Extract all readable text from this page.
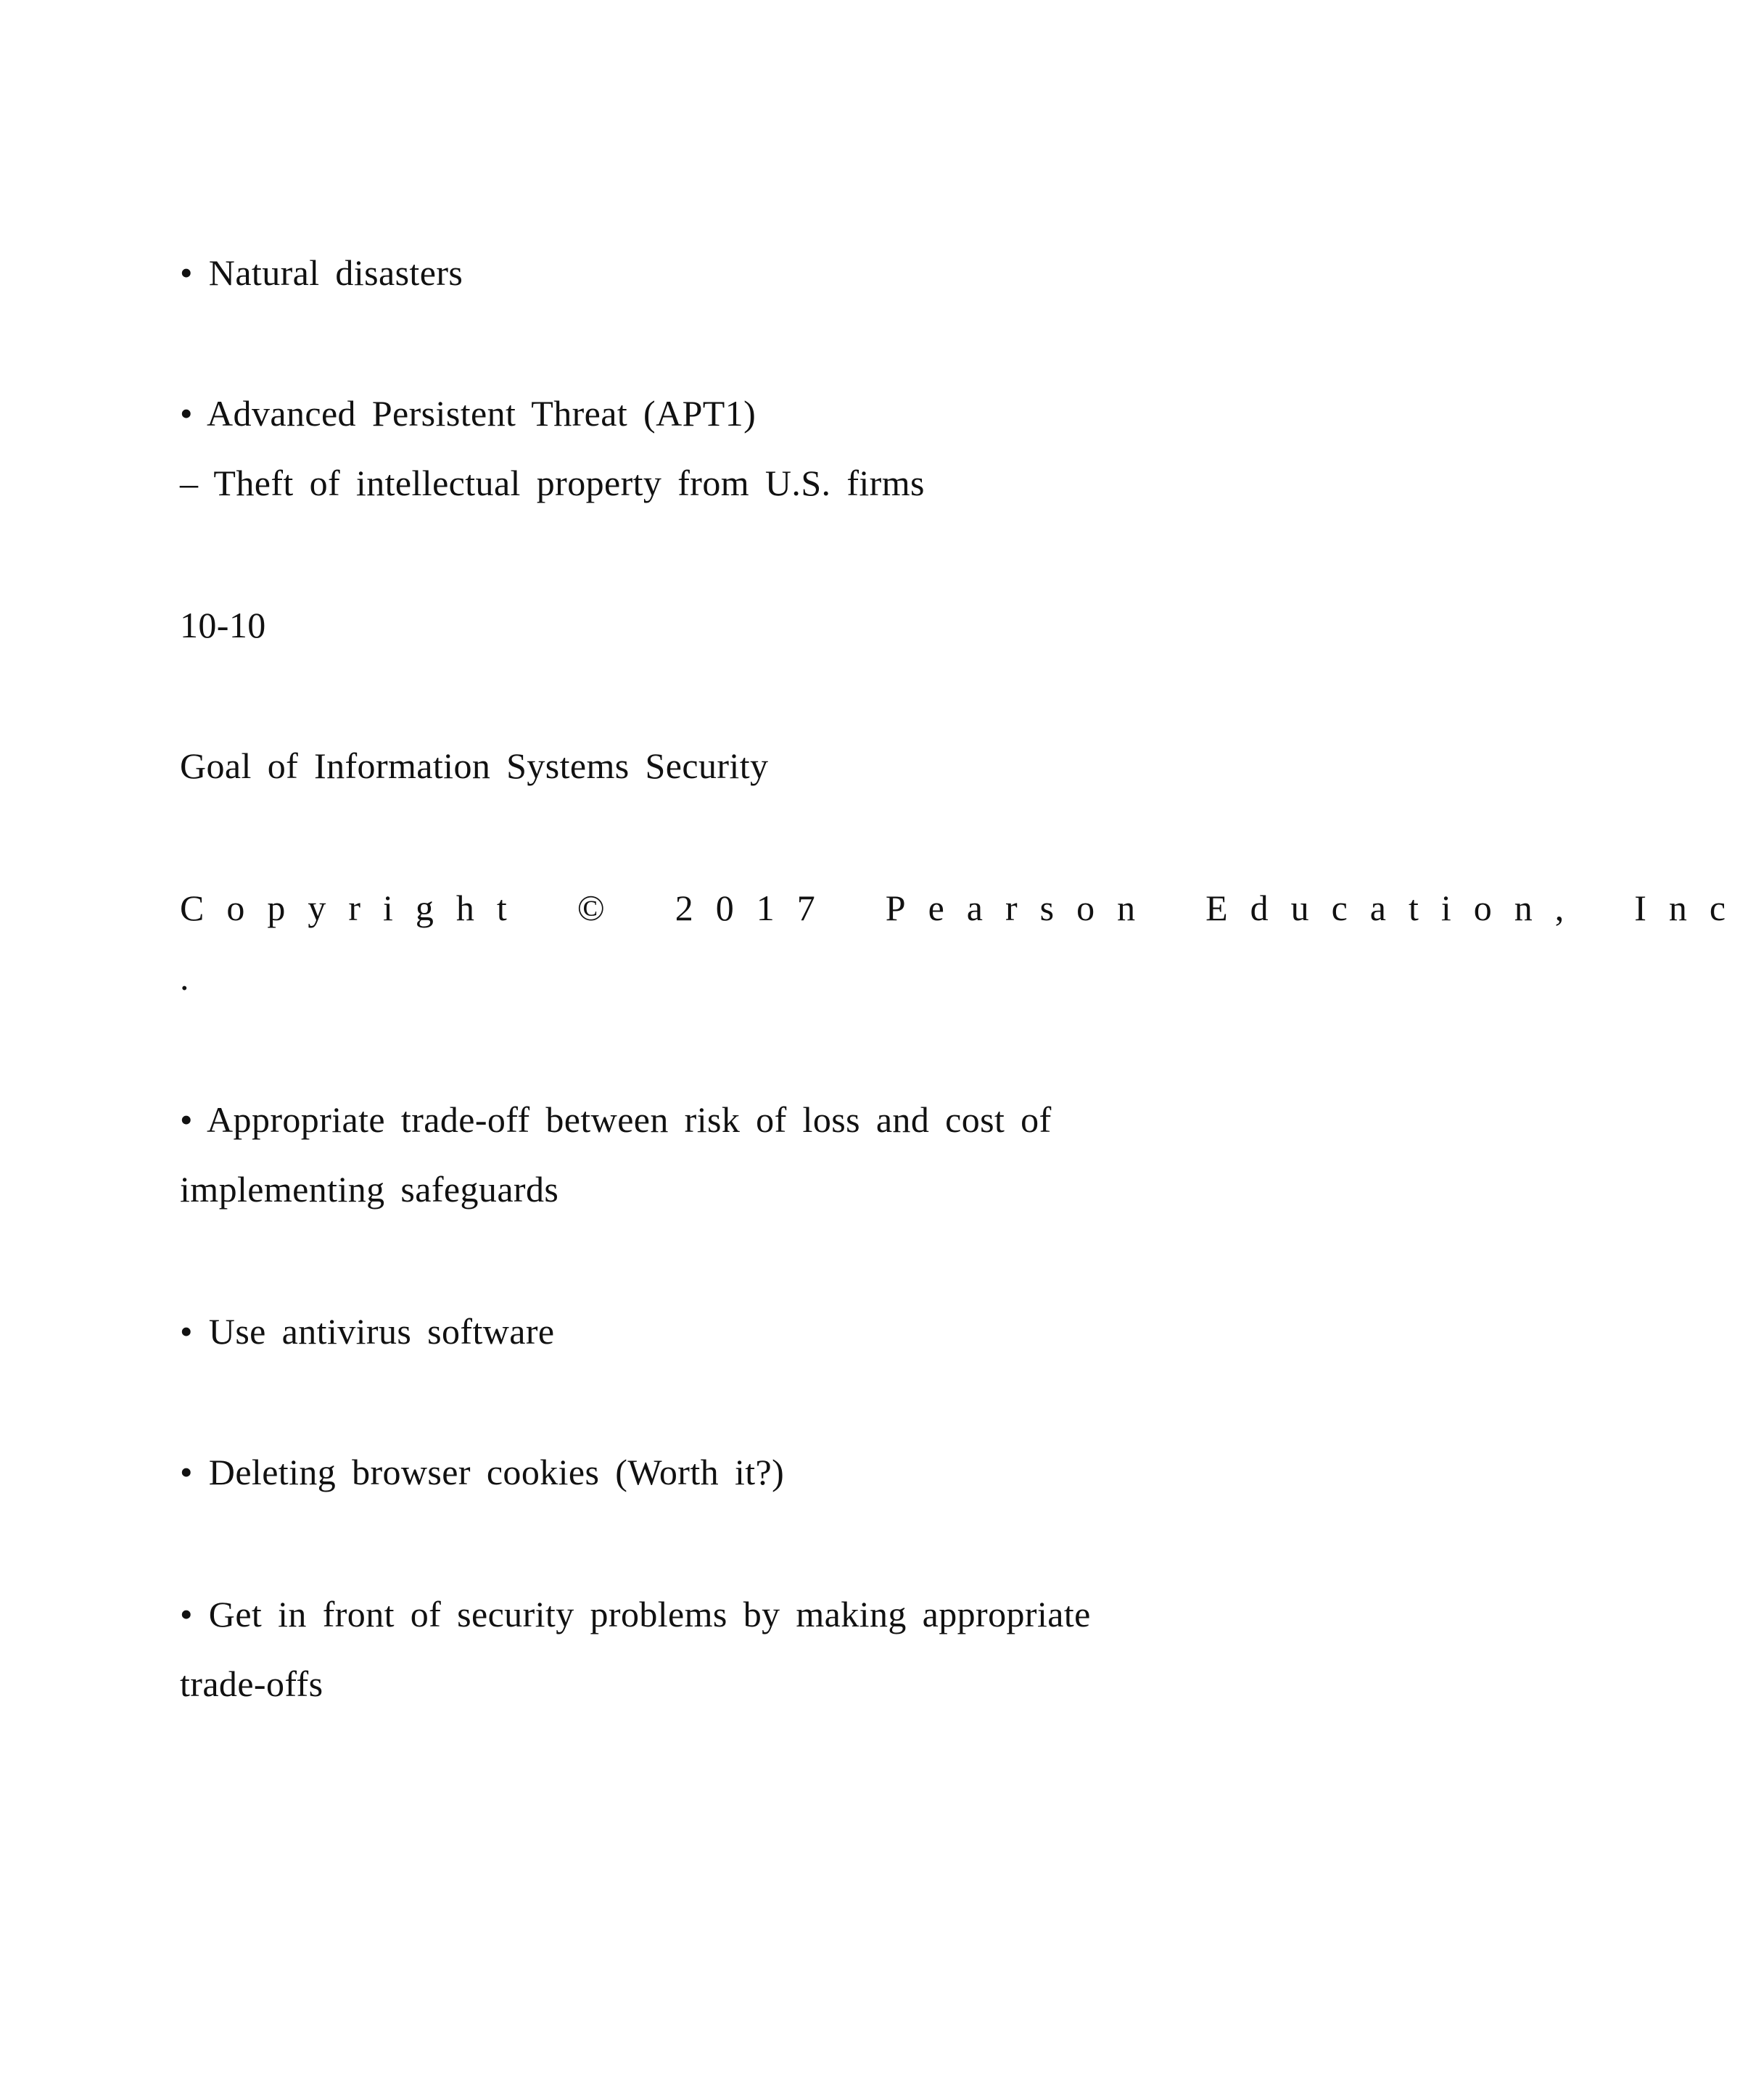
• Natural disasters
• Advanced Persistent Threat (APT1)
– Theft of intellectual property from U.S. firms
10-10
Goal of Information Systems Security
Copyright © 2017 Pearson Education, Inc
.
• Appropriate trade-off between risk of loss and cost of
implementing safeguards
• Use antivirus software
• Deleting browser cookies (Worth it?)
• Get in front of security problems by making appropriate
trade-offs
